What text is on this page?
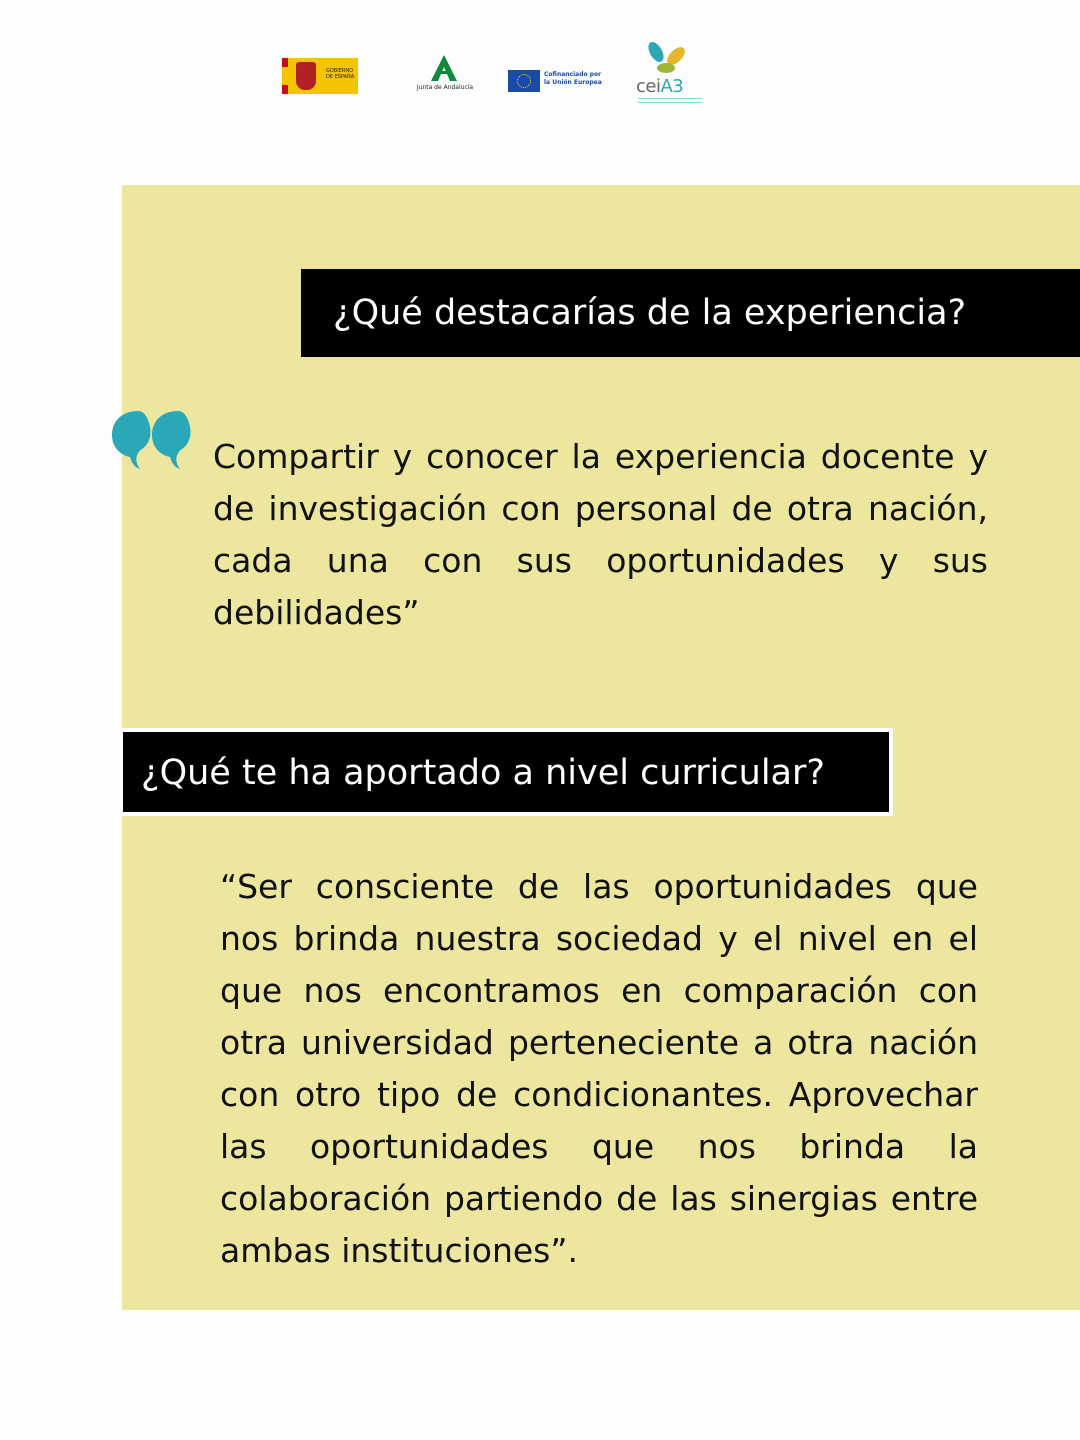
GOBIERNO DE ESPAÑA
Junta de Andalucía
Cofinanciado por
la Unión Europea	ceiA3
¿Qué destacarías de la experiencia?
Compartir y conocer la experiencia docente y de investigación con personal de otra nación, cada una con sus oportunidades y sus debilidades”
¿Qué te ha aportado a nivel curricular?
“Ser consciente de las oportunidades que nos brinda nuestra sociedad y el nivel en el que nos encontramos en comparación con otra universidad perteneciente a otra nación con otro tipo de condicionantes. Aprovechar las oportunidades que nos brinda la colaboración partiendo de las sinergias entre ambas instituciones”.
